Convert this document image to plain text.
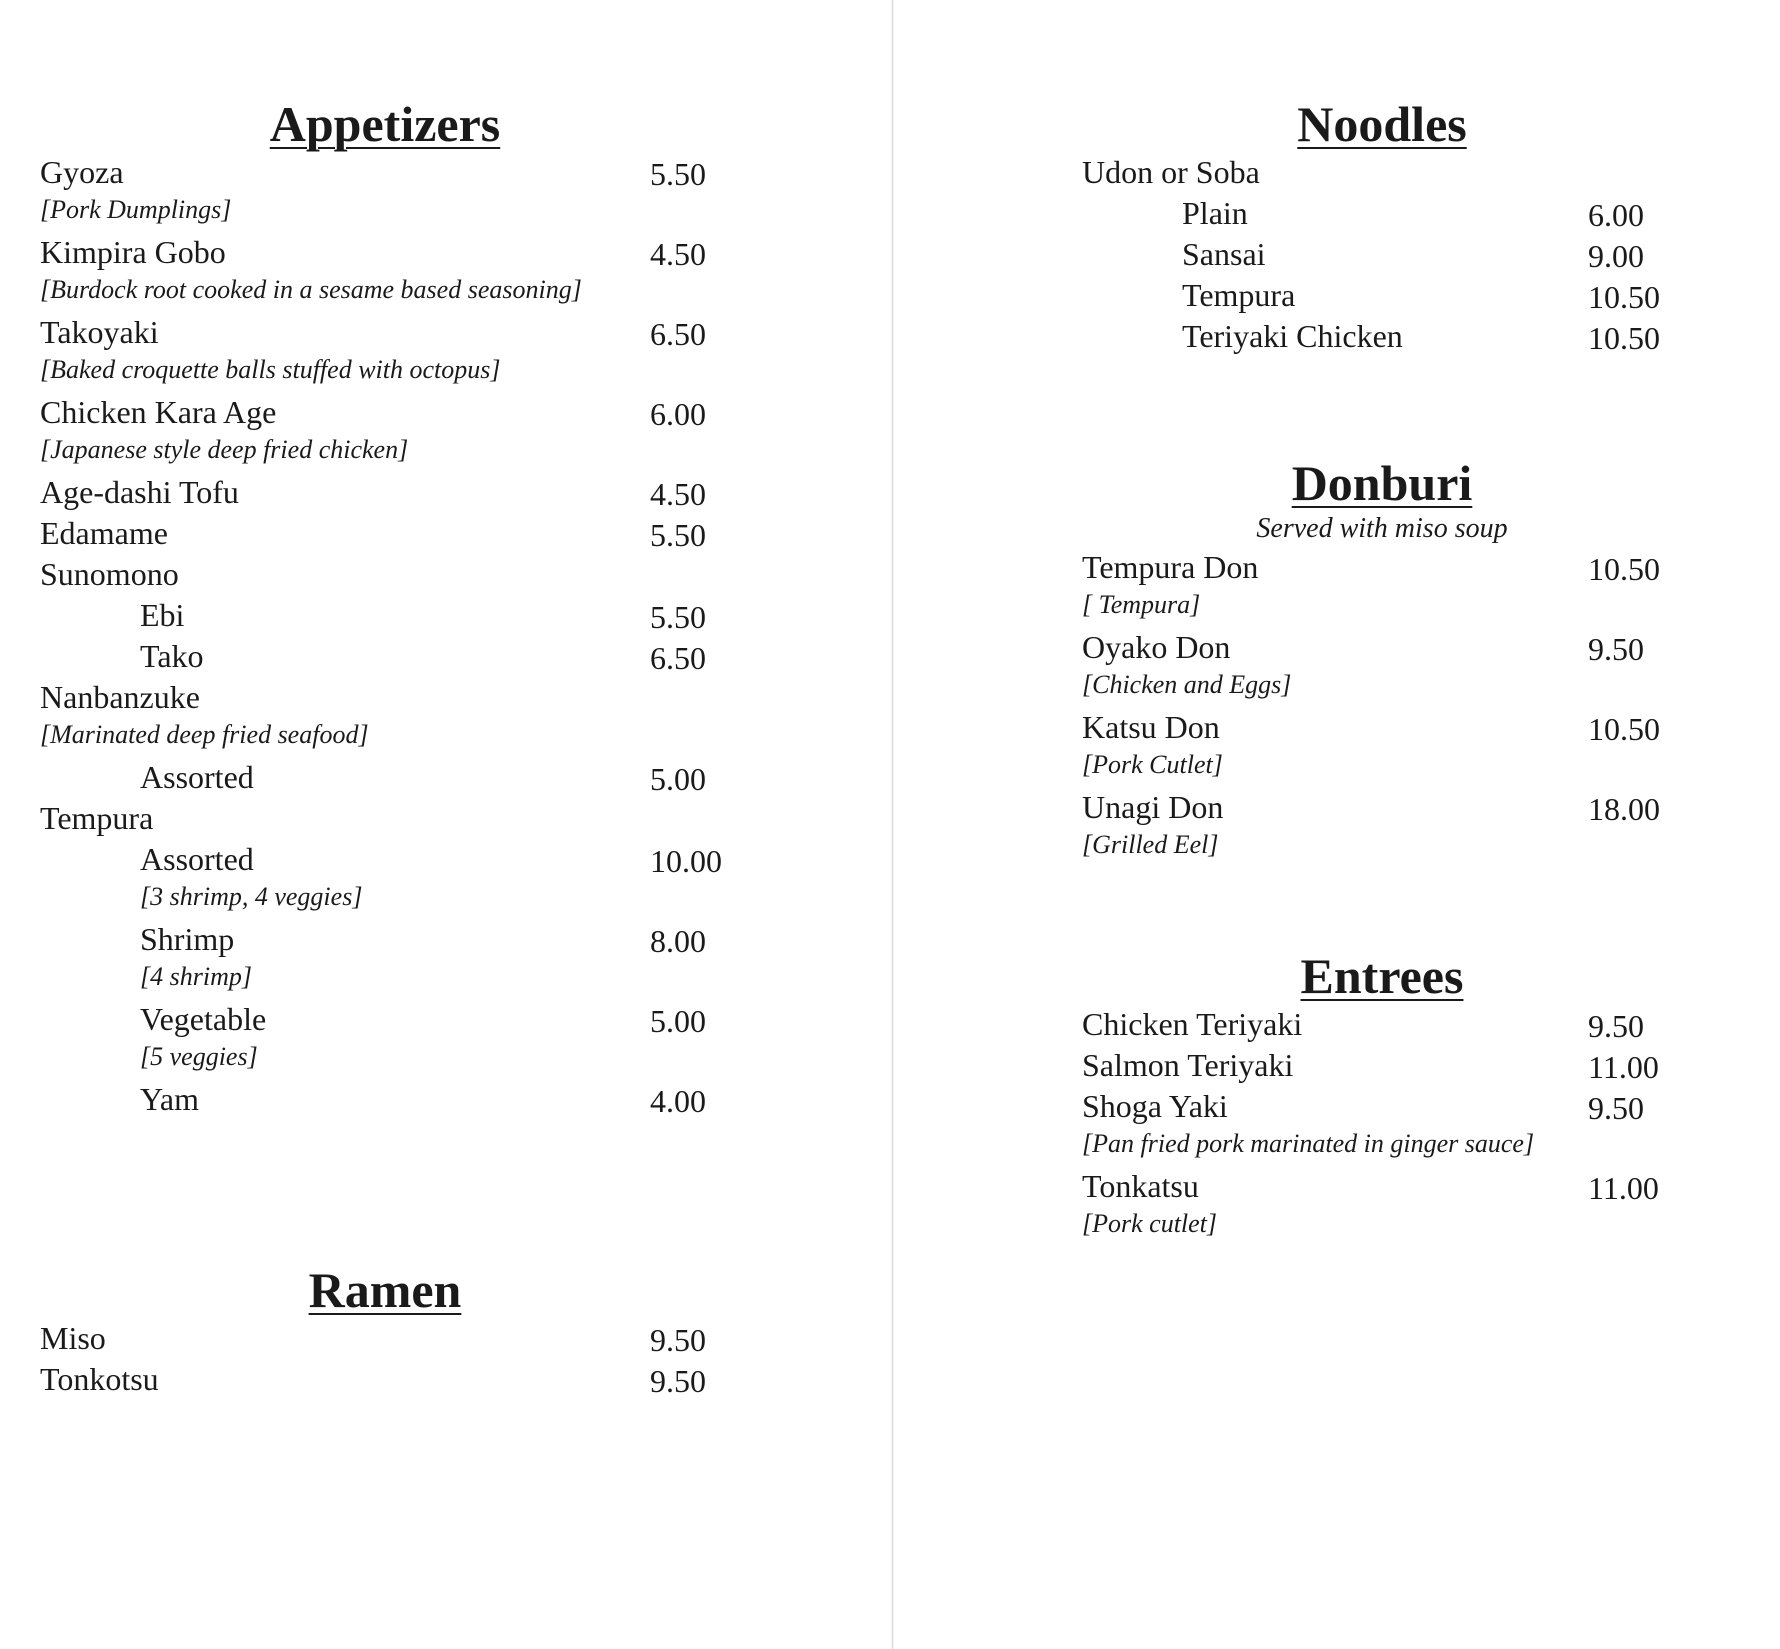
Appetizers
Gyoza	5.50

[Pork Dumplings]

Kimpira Gobo	4.50

[Burdock root cooked in a sesame based seasoning]

Takoyaki	6.50

[Baked croquette balls stuffed with octopus]

Chicken Kara Age	6.00

[Japanese style deep fried chicken]

Age-dashi Tofu	4.50
Edamame	5.50
Sunomono
Ebi	5.50
Tako	6.50
Nanbanzuke

[Marinated deep fried seafood]

Assorted	5.00
Tempura
Assorted	10.00

[3 shrimp, 4 veggies]

Shrimp	8.00

[4 shrimp]

Vegetable	5.00

[5 veggies]

Yam	4.00
Ramen
Miso	9.50
Tonkotsu	9.50
Noodles
Udon or Soba
Plain	6.00
Sansai	9.00
Tempura	10.50
Teriyaki Chicken	10.50
Donburi

Served with miso soup

Tempura Don	10.50

[ Tempura]

Oyako Don	9.50

[Chicken and Eggs]

Katsu Don	10.50

[Pork Cutlet]

Unagi Don	18.00

[Grilled Eel]

Entrees
Chicken Teriyaki	9.50
Salmon Teriyaki	11.00
Shoga Yaki	9.50

[Pan fried pork marinated in ginger sauce]

Tonkatsu	11.00

[Pork cutlet]
